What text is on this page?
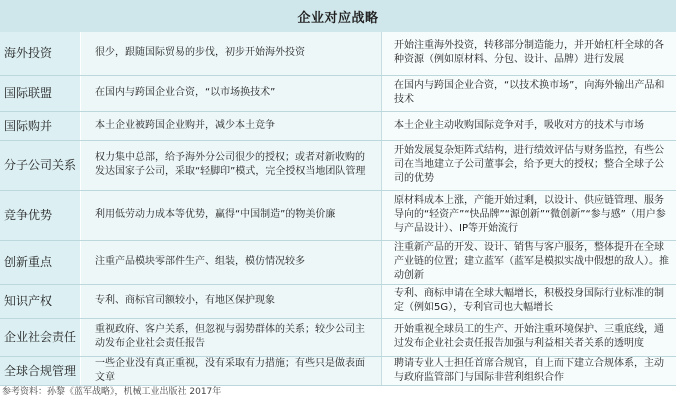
企业对应战略
海外投资	很少，跟随国际贸易的步伐，初步开始海外投资	开始注重海外投资，转移部分制造能力，并开始杠杆全球的各种资源（例如原材料、分包、设计、品牌）进行发展
国际联盟	在国内与跨国企业合资，“以市场换技术”	在国内与跨国企业合资，“以技术换市场”，向海外输出产品和技术
国际购并	本土企业被跨国企业购并，减少本土竞争	本土企业主动收购国际竞争对手，吸收对方的技术与市场
分子公司关系	权力集中总部，给予海外分公司很少的授权；或者对新收购的发达国家子公司，采取“轻脚印”模式，完全授权当地团队管理	开始发展复杂矩阵式结构，进行绩效评估与财务监控，有些公司在当地建立子公司董事会，给予更大的授权；整合全球子公司的优势
竞争优势	利用低劳动力成本等优势，赢得“中国制造”的物美价廉	原材料成本上涨，产能开始过剩，以设计、供应链管理、服务导向的“轻资产”“快品牌”“源创新”“微创新”“参与感”（用户参与产品设计）、IP等开始流行
创新重点	注重产品模块零部件生产、组装，模仿情况较多	注重新产品的开发、设计、销售与客户服务，整体提升在全球产业链的位置；建立蓝军（蓝军是模拟实战中假想的敌人）。推动创新
知识产权	专利、商标官司额较小，有地区保护现象	专利、商标申请在全球大幅增长，积极投身国际行业标准的制定（例如5G），专利官司也大幅增长
企业社会责任	重视政府、客户关系，但忽视与弱势群体的关系；较少公司主动发布企业社会责任报告	开始重视全球员工的生产、开始注重环境保护、三重底线，通过发布企业社会责任报告加强与利益相关者关系的透明度
全球合规管理	一些企业没有真正重视，没有采取有力措施；有些只是做表面文章	聘请专业人士担任首席合规官，自上而下建立合规体系，主动与政府监管部门与国际非营利组织合作
参考资料：孙黎《蓝军战略》，机械工业出版社 2017年
